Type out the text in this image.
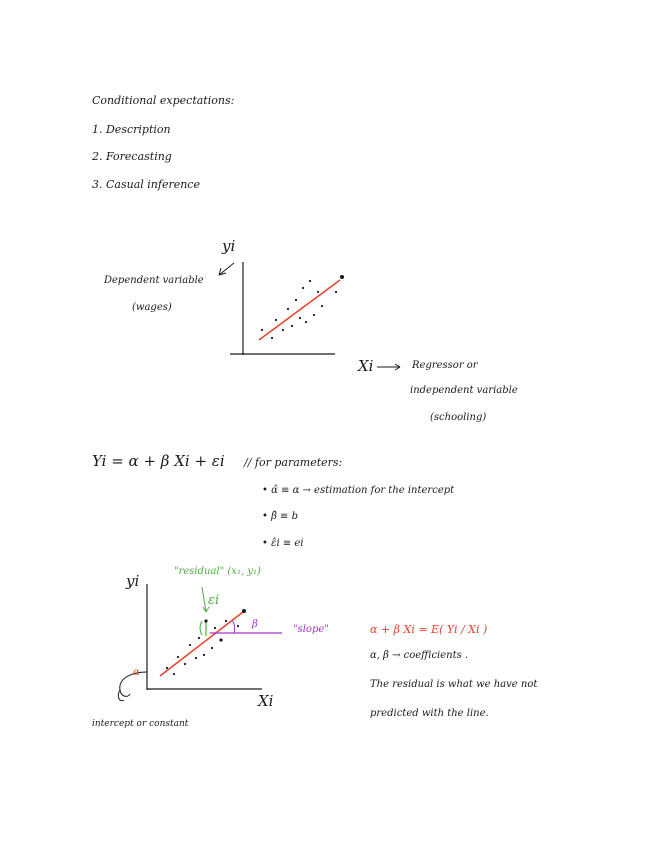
Conditional expectations:
1. Description
2. Forecasting
3. Casual inference
yi
Dependent variable
(wages)
Xi	Regressor or
independent variable
(schooling)
Yi = α + β Xi + εi // for parameters:
• α̂ ≡ α → estimation for the intercept
• β̂ ≡ b
• ε̂i ≡ ei
yi
"residual" (x₁, y₁)
εi
β	"slope"
α
Xi
intercept or constant
α + β Xi = E( Yi / Xi )
α, β → coefficients .
The residual is what we have not
predicted with the line.
